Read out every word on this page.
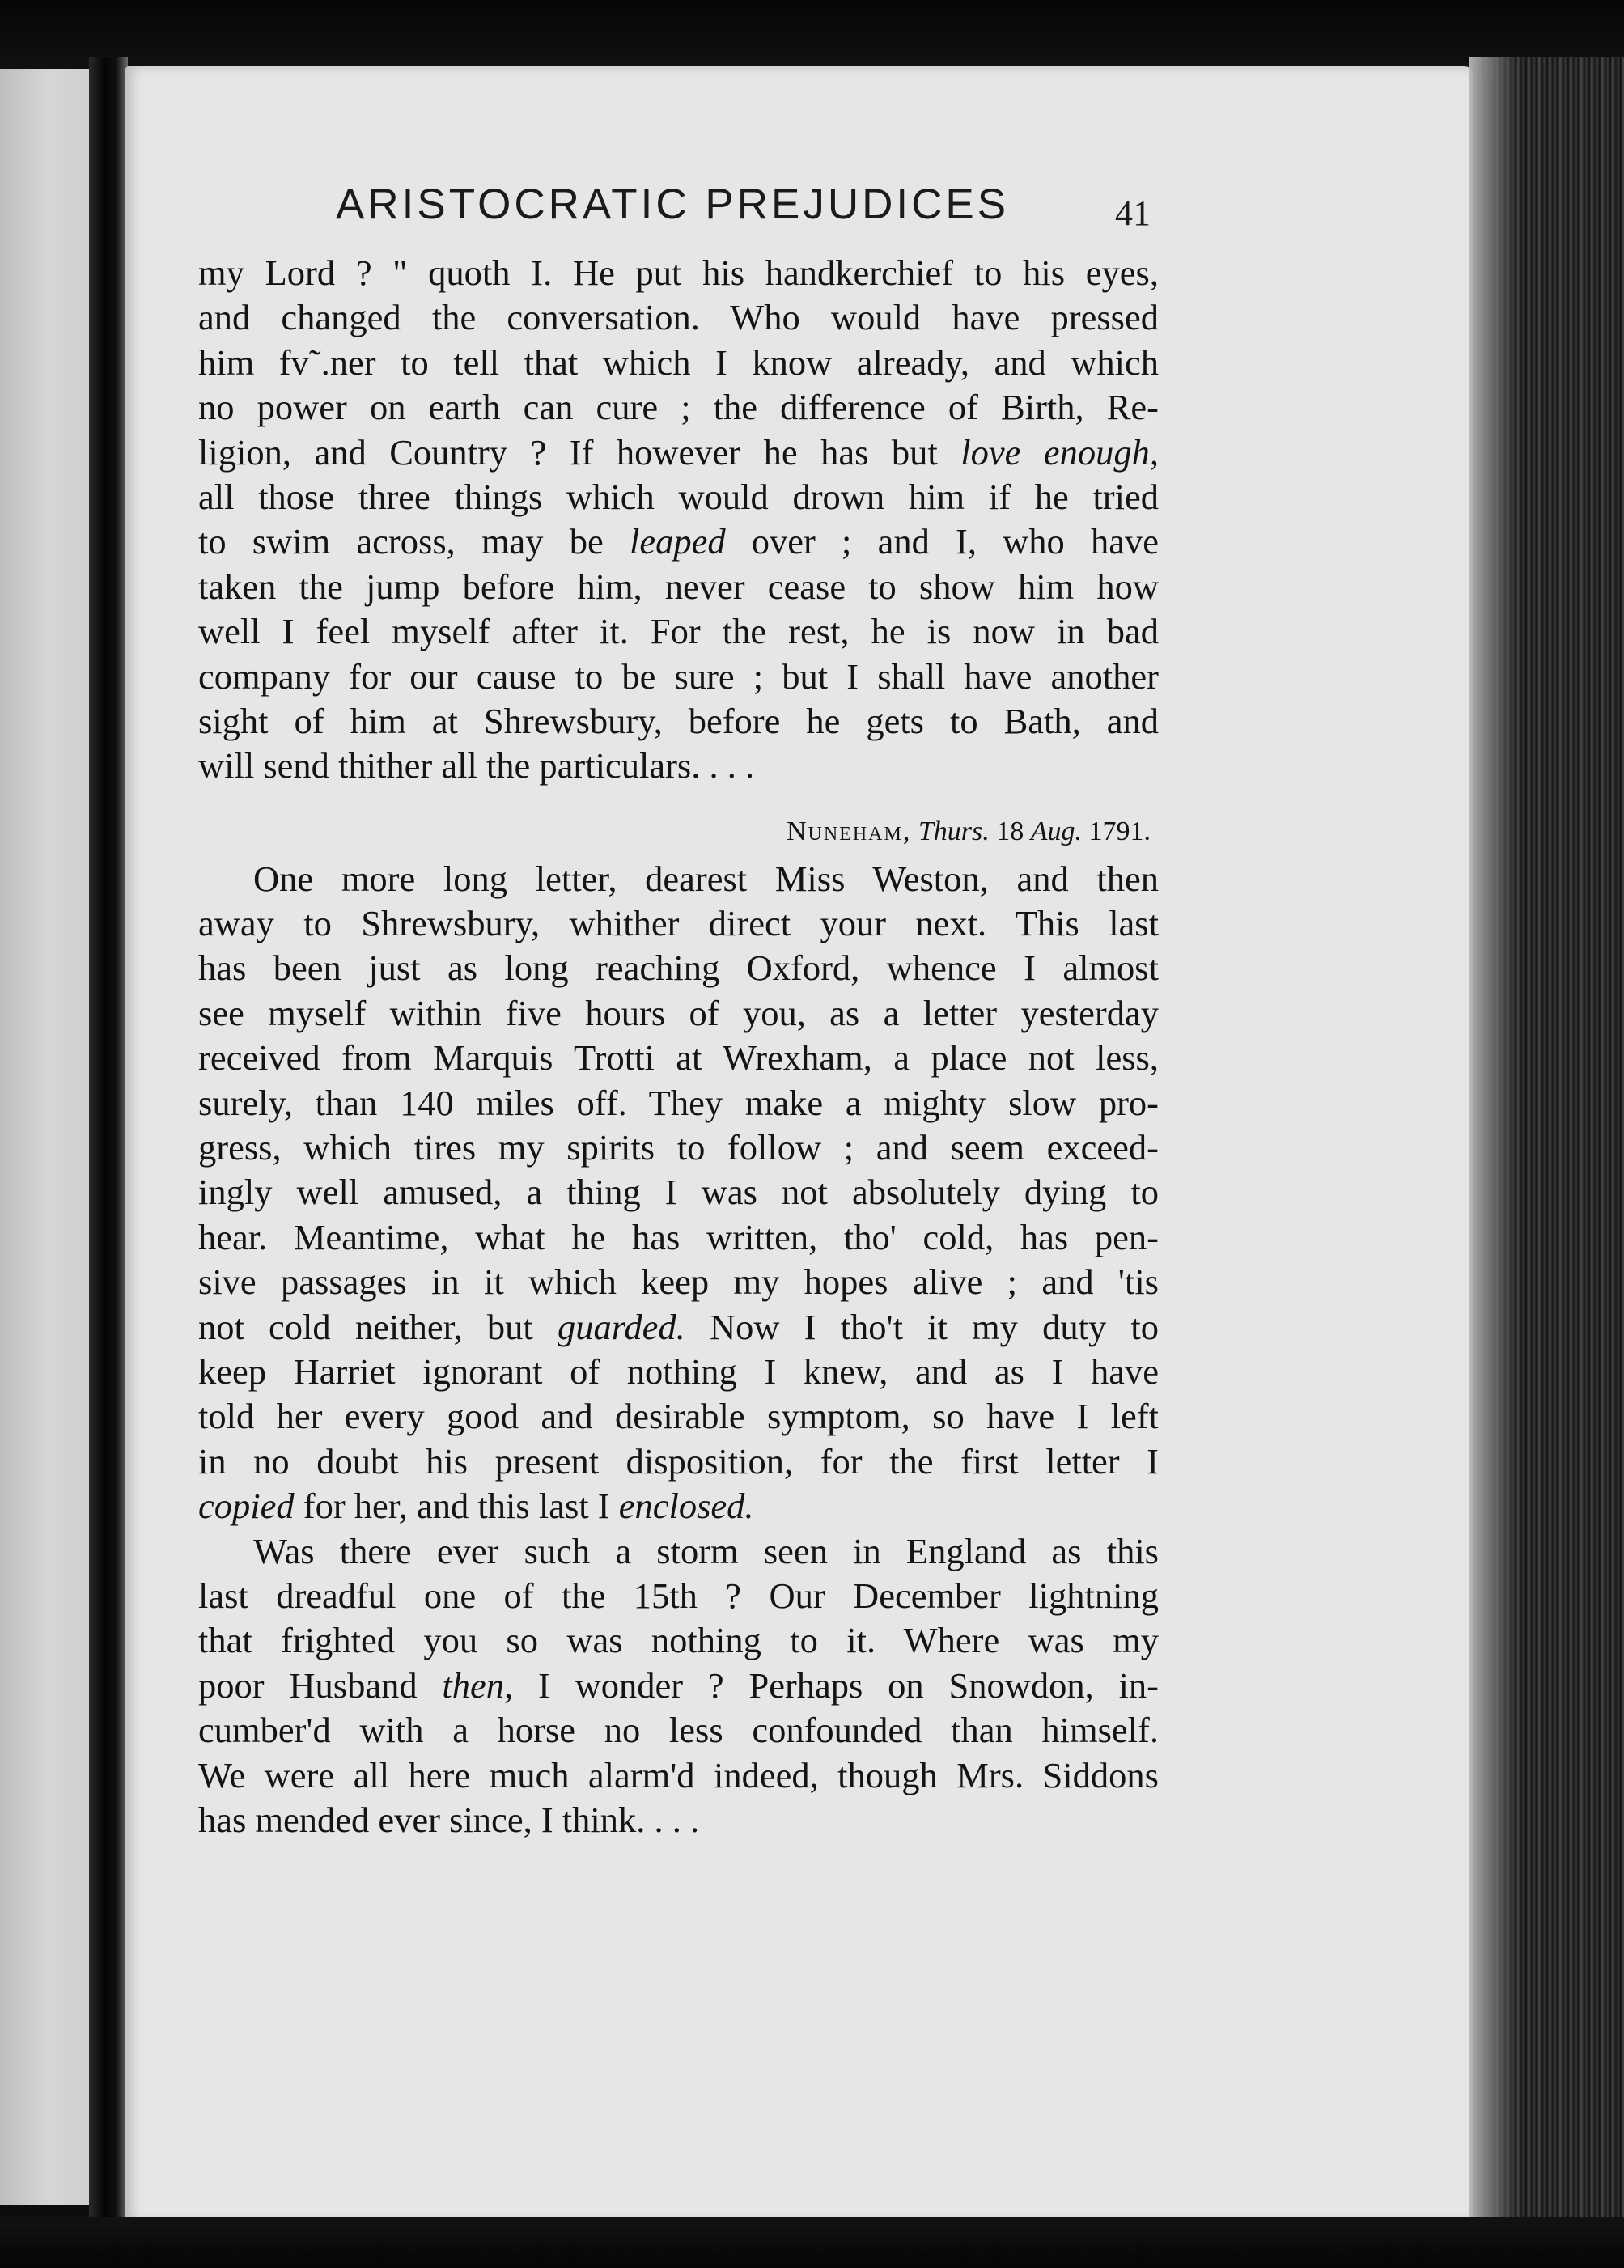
ARISTOCRATIC PREJUDICES	41
my Lord ? " quoth I. He put his handkerchief to his eyes,
and changed the conversation. Who would have pressed
him fv˜.ner to tell that which I know already, and which
no power on earth can cure ; the difference of Birth, Re-
ligion, and Country ? If however he has but love enough,
all those three things which would drown him if he tried
to swim across, may be leaped over ; and I, who have
taken the jump before him, never cease to show him how
well I feel myself after it. For the rest, he is now in bad
company for our cause to be sure ; but I shall have another
sight of him at Shrewsbury, before he gets to Bath, and
will send thither all the particulars. . . .
Nuneham, Thurs. 18 Aug. 1791.
One more long letter, dearest Miss Weston, and then
away to Shrewsbury, whither direct your next. This last
has been just as long reaching Oxford, whence I almost
see myself within five hours of you, as a letter yesterday
received from Marquis Trotti at Wrexham, a place not less,
surely, than 140 miles off. They make a mighty slow pro-
gress, which tires my spirits to follow ; and seem exceed-
ingly well amused, a thing I was not absolutely dying to
hear. Meantime, what he has written, tho' cold, has pen-
sive passages in it which keep my hopes alive ; and 'tis
not cold neither, but guarded. Now I tho't it my duty to
keep Harriet ignorant of nothing I knew, and as I have
told her every good and desirable symptom, so have I left
in no doubt his present disposition, for the first letter I
copied for her, and this last I enclosed.
Was there ever such a storm seen in England as this
last dreadful one of the 15th ? Our December lightning
that frighted you so was nothing to it. Where was my
poor Husband then, I wonder ? Perhaps on Snowdon, in-
cumber'd with a horse no less confounded than himself.
We were all here much alarm'd indeed, though Mrs. Siddons
has mended ever since, I think. . . .
